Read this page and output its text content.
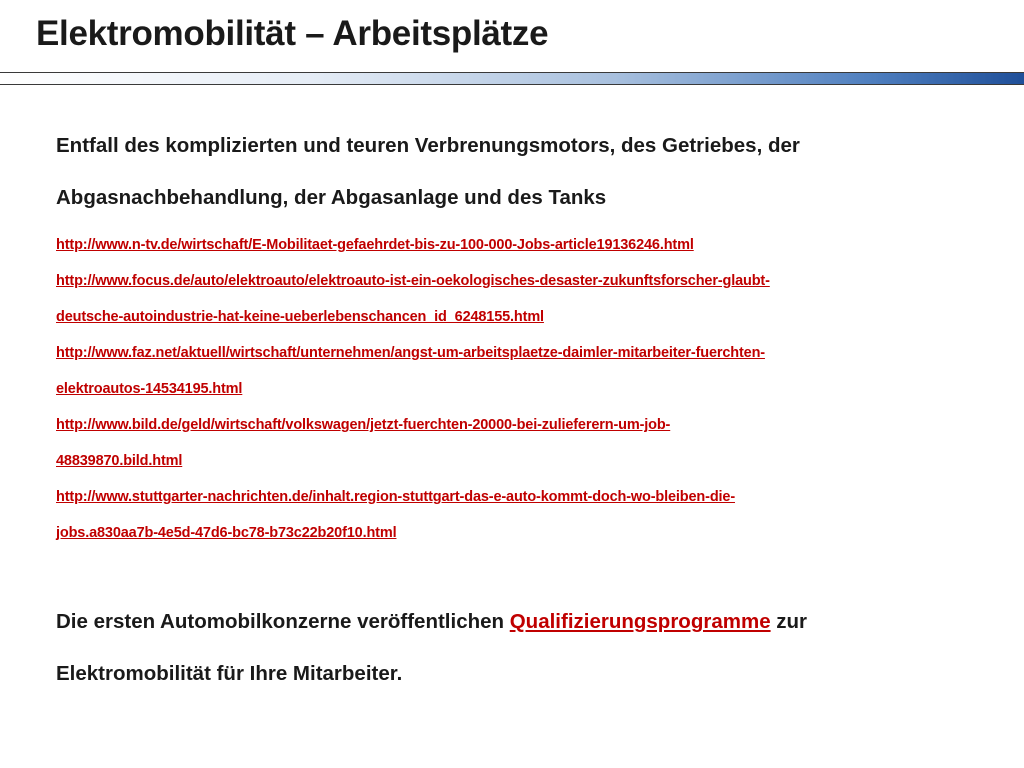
Elektromobilität – Arbeitsplätze

Entfall des komplizierten und teuren Verbrenungsmotors, des Getriebes, der

Abgasnachbehandlung, der Abgasanlage und des Tanks

http://www.n-tv.de/wirtschaft/E-Mobilitaet-gefaehrdet-bis-zu-100-000-Jobs-article19136246.html
http://www.focus.de/auto/elektroauto/elektroauto-ist-ein-oekologisches-desaster-zukunftsforscher-glaubt-
deutsche-autoindustrie-hat-keine-ueberlebenschancen_id_6248155.html
http://www.faz.net/aktuell/wirtschaft/unternehmen/angst-um-arbeitsplaetze-daimler-mitarbeiter-fuerchten-
elektroautos-14534195.html
http://www.bild.de/geld/wirtschaft/volkswagen/jetzt-fuerchten-20000-bei-zulieferern-um-job-
48839870.bild.html
http://www.stuttgarter-nachrichten.de/inhalt.region-stuttgart-das-e-auto-kommt-doch-wo-bleiben-die-
jobs.a830aa7b-4e5d-47d6-bc78-b73c22b20f10.html
Die ersten Automobilkonzerne veröffentlichen Qualifizierungsprogramme zur
Elektromobilität für Ihre Mitarbeiter.
